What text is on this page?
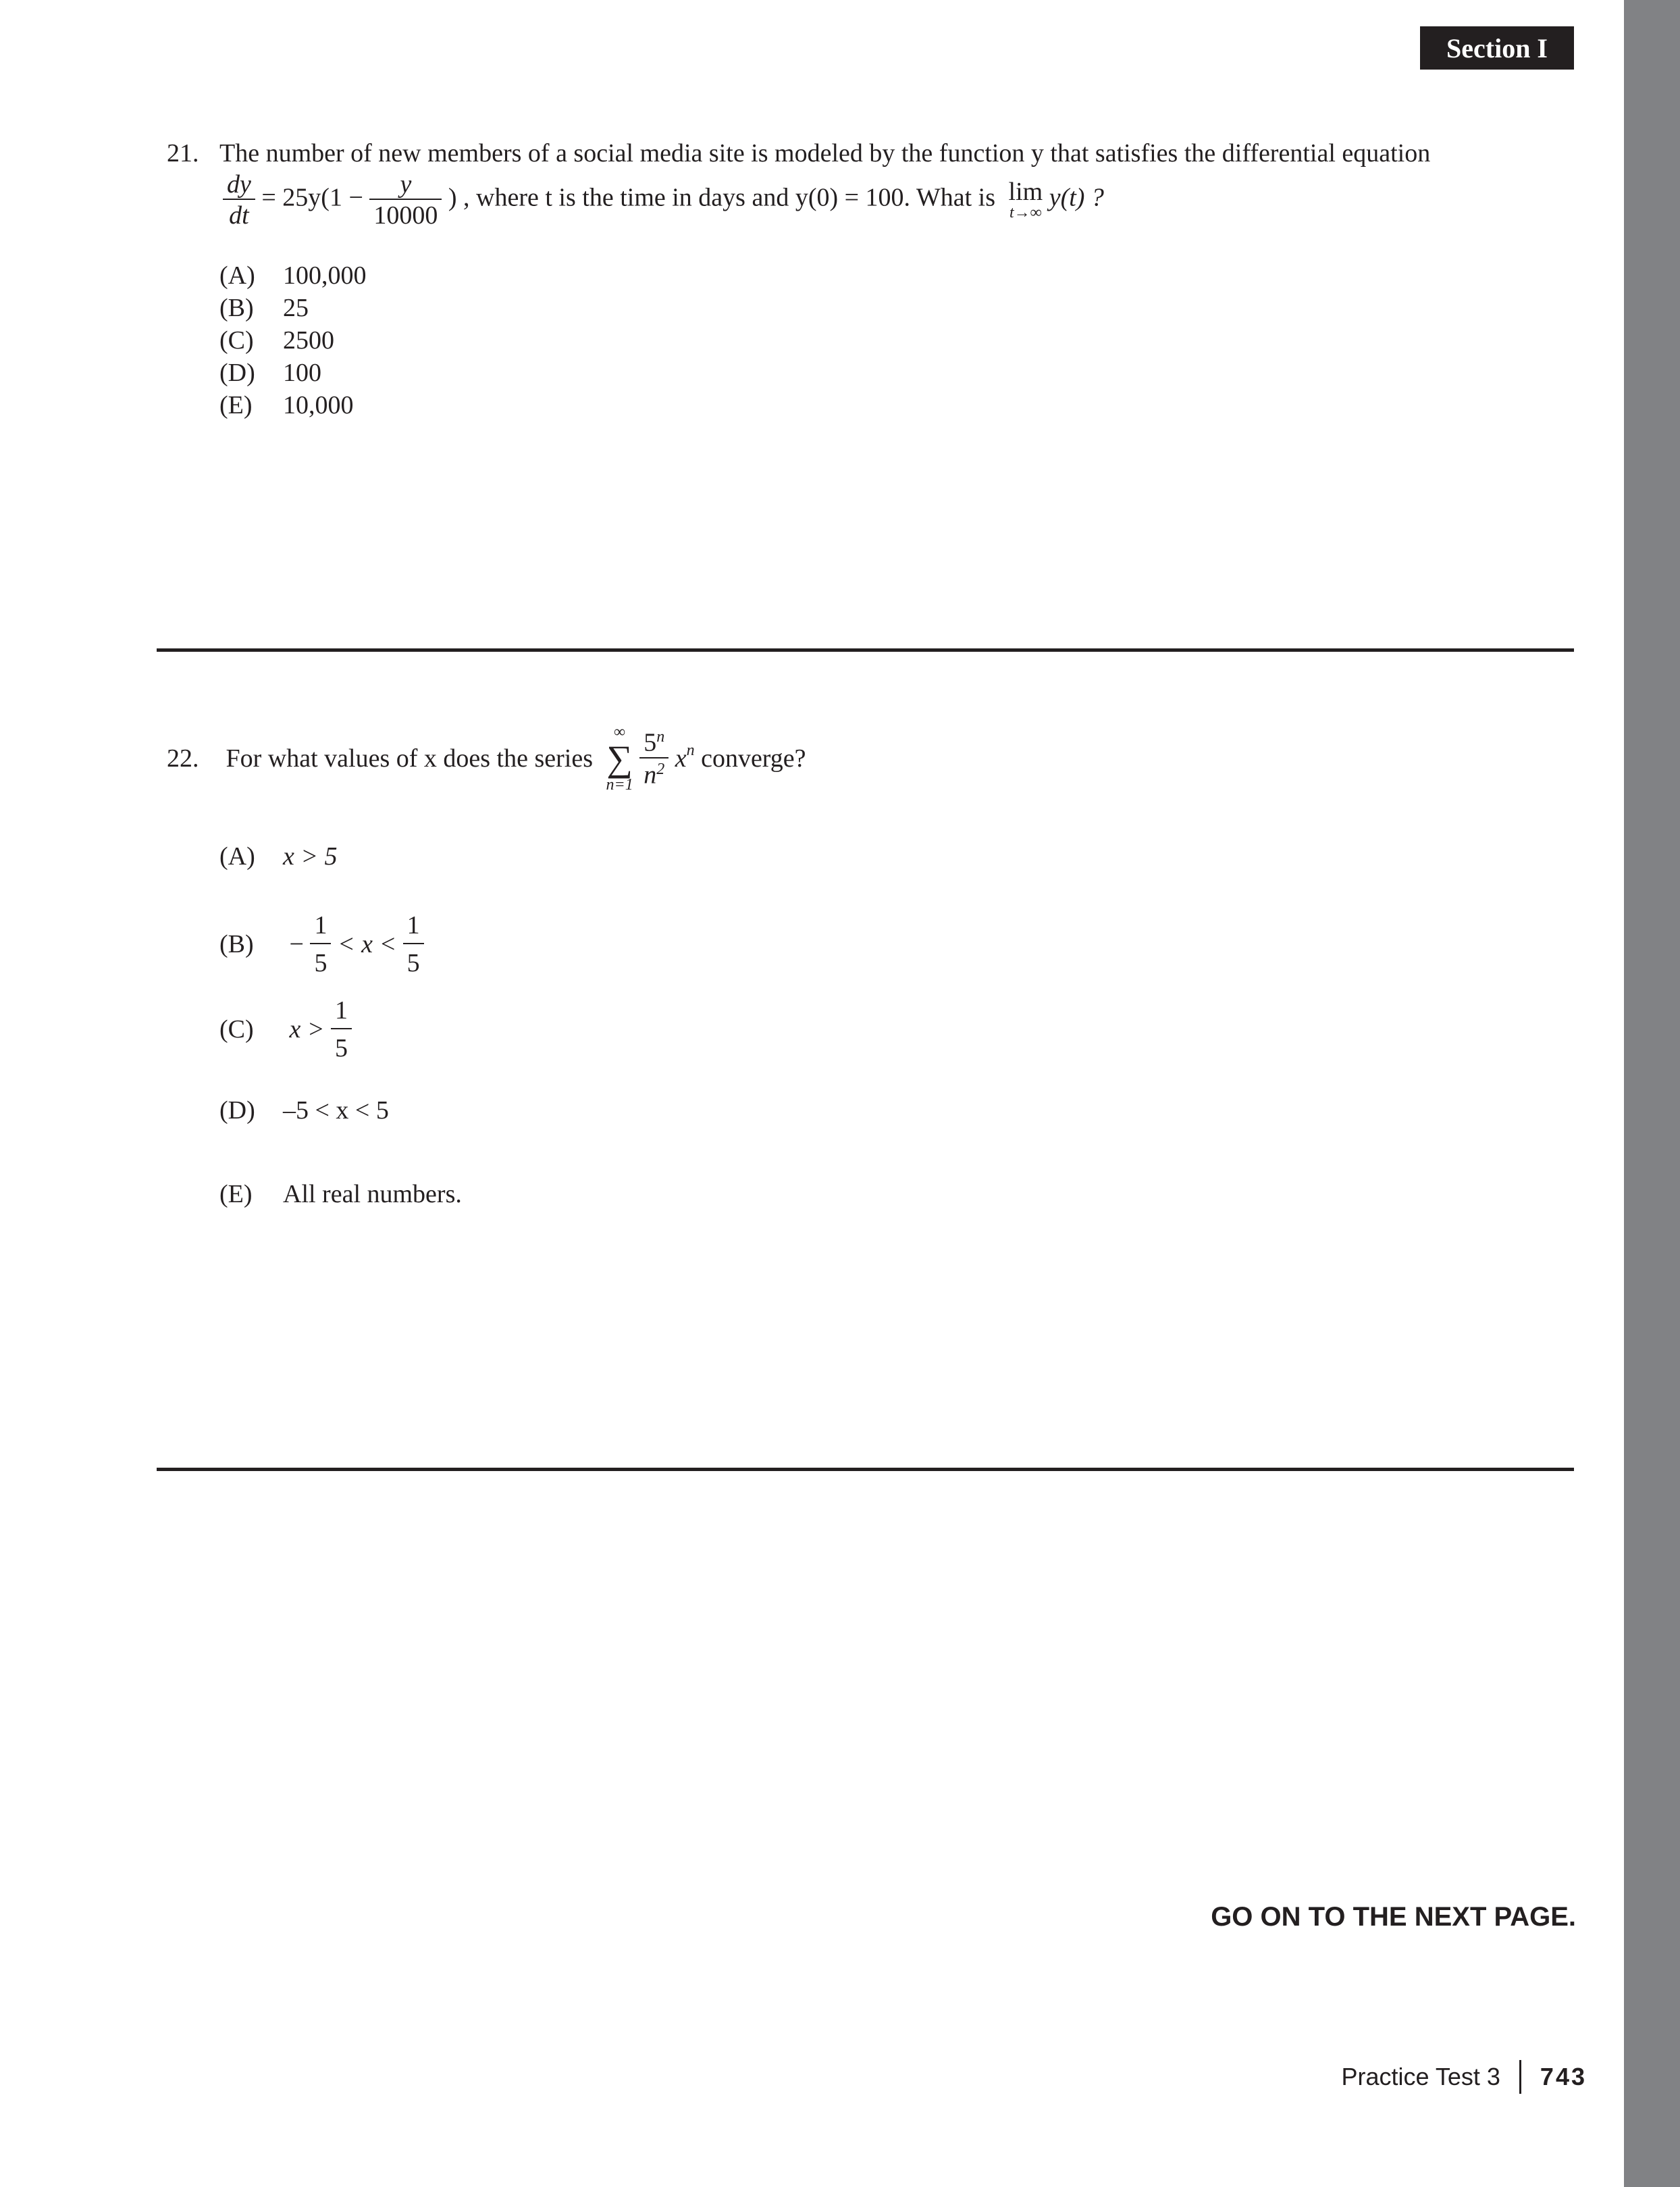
Section I
21. The number of new members of a social media site is modeled by the function y that satisfies the differential equation
$\frac{dy}{dt} = 25y(1 - \frac{y}{10000}$ ) , where t is the time in days and y(0) = 100. What is lim
t→∞
y(t) ?
(A) 100,000
(B) 25
(C) 2500
(D) 100
(E) 10,000
22. For what values of x does the series
∞
∑
n=1
$\frac{5^n}{n^2} x^n$ converge?
(A) x > 5
$(B) - \frac{1}{5} < x < \frac{1}{5}$
(C) $x > \frac{1}{5}$
(D) –5 < x < 5
(E) All real numbers.
GO ON TO THE NEXT PAGE.
Practice Test 3 743
